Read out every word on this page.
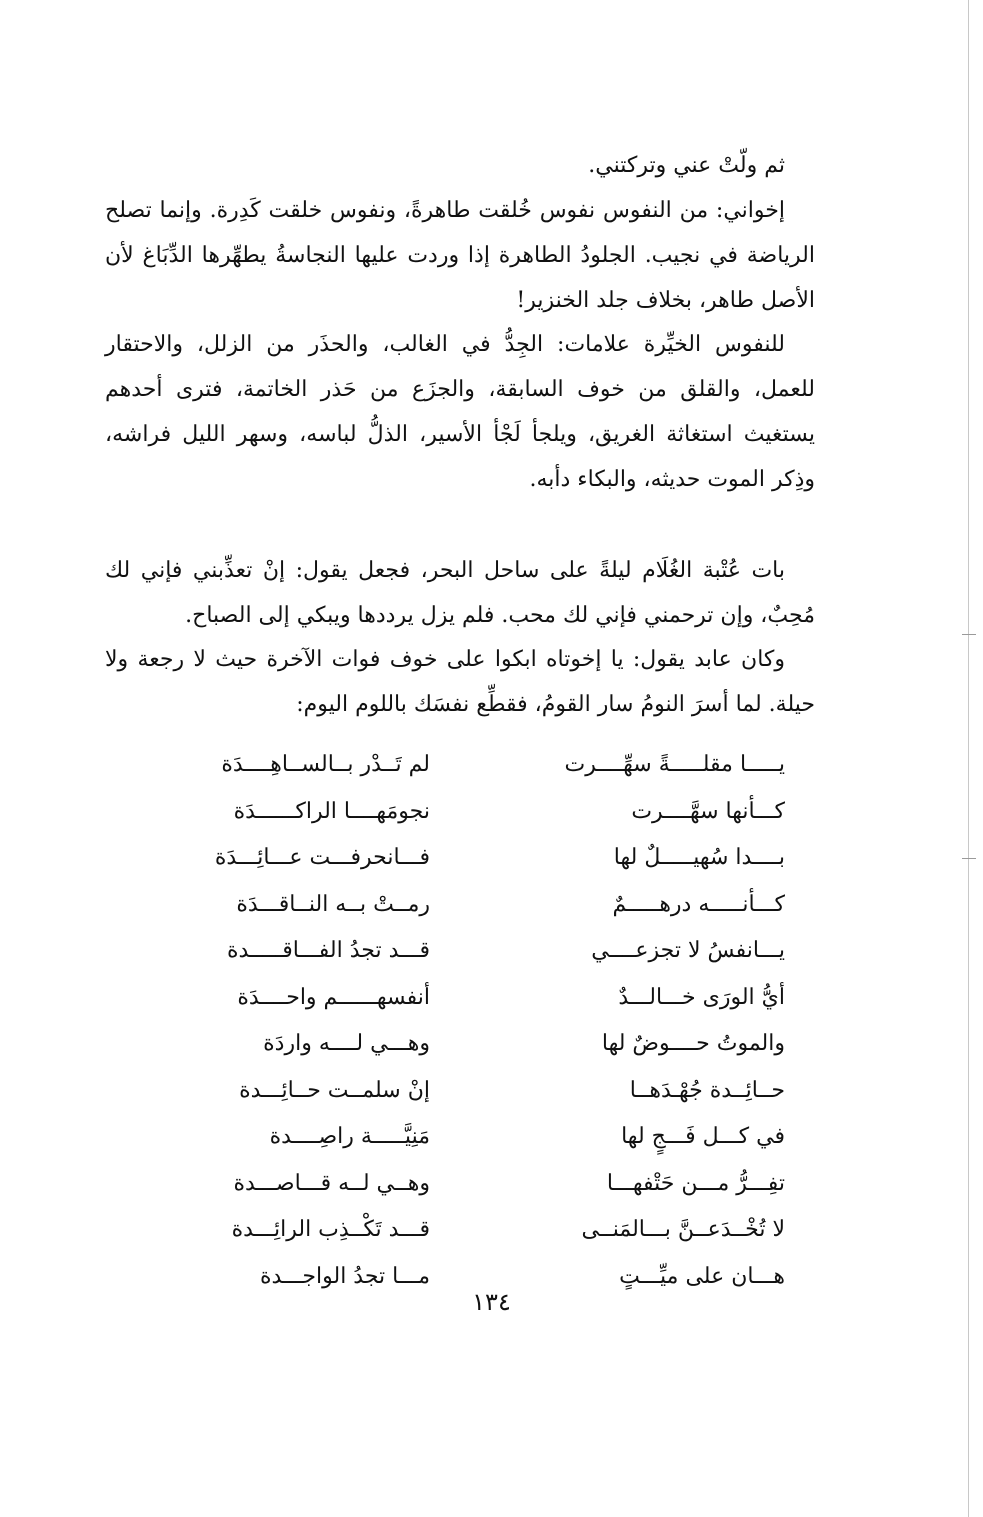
ثم ولّتْ عني وتركتني.

إخواني: من النفوس نفوس خُلقت طاهرةً، ونفوس خلقت كَدِرة. وإنما تصلح الرياضة في نجيب. الجلودُ الطاهرة إذا وردت عليها النجاسةُ يطهِّرها الدِّبَاغ لأن الأصل طاهر، بخلاف جلد الخنزير!

للنفوس الخيِّرة علامات: الجِدُّ في الغالب، والحذَر من الزلل، والاحتقار للعمل، والقلق من خوف السابقة، والجزَع من حَذر الخاتمة، فترى أحدهم يستغيث استغاثة الغريق، ويلجأ لَجْأ الأسير، الذلُّ لباسه، وسهر الليل فراشه، وذِكر الموت حديثه، والبكاء دأبه.

بات عُتْبة الغُلَام ليلةً على ساحل البحر، فجعل يقول: إنْ تعذِّبني فإني لك مُحِبٌ، وإن ترحمني فإني لك محب. فلم يزل يرددها ويبكي إلى الصباح.

وكان عابد يقول: يا إخوتاه ابكوا على خوف فوات الآخرة حيث لا رجعة ولا حيلة. لما أسرَ النومُ سار القومُ، فقطِّع نفسَك باللوم اليوم:

يـــــا مقلـــــةً سهِّــــرت
لم تَــدْر بــالســاهِــــدَة
كـــأنها سهَّــــرت
نجومَهــــا الراكــــــدَة
بــــدا سُهيـــــلٌ لها
فـــانحرفـــت عـــائِـــدَة
كـــأنـــــه درهـــــمٌ
رمــتْ بــه النــاقـــدَة
يـــانفسُ لا تجزعــــي
قـــد تجدُ الفـــاقـــــدة
أيُّ الورَى خـــالـــدٌ
أنفسهــــــم واحــــدَة
والموتُ حــــوضٌ لها
وهـــي لــــه واردَة
حــائِــدة جُهْـدَهــا
إنْ سلمــت حــائِـــدة
في كـــل فَـــجٍ لها
مَنِيَّـــــة راصِــــدة
تفِـــرُّ مـــن حَتْفهـــا
وهــي لــه قـــاصـــدة
لا تُخْــدَعــنَّ بـــالمَنــى
قـــد تَكْــذِب الرائِـــدة
هـــان على ميِّـــتٍ
مـــا تجدُ الواجـــدة
١٣٤
